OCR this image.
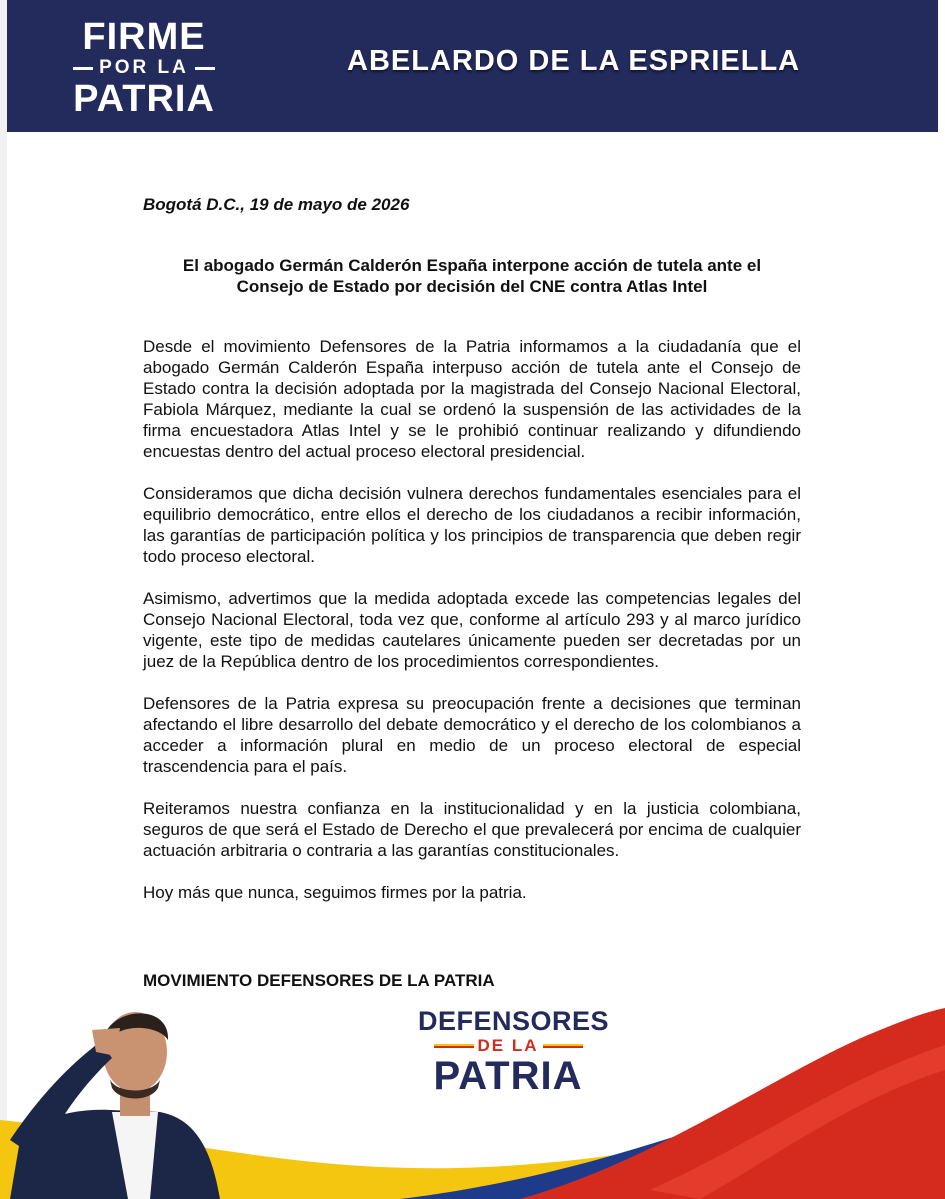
FIRME
POR LA
PATRIA
ABELARDO DE LA ESPRIELLA
Bogotá D.C., 19 de mayo de 2026
El abogado Germán Calderón España interpone acción de tutela ante el
Consejo de Estado por decisión del CNE contra Atlas Intel

Desde el movimiento Defensores de la Patria informamos a la ciudadanía que el abogado Germán Calderón España interpuso acción de tutela ante el Consejo de Estado contra la decisión adoptada por la magistrada del Consejo Nacional Electoral, Fabiola Márquez, mediante la cual se ordenó la suspensión de las actividades de la firma encuestadora Atlas Intel y se le prohibió continuar realizando y difundiendo encuestas dentro del actual proceso electoral presidencial.

Consideramos que dicha decisión vulnera derechos fundamentales esenciales para el equilibrio democrático, entre ellos el derecho de los ciudadanos a recibir información, las garantías de participación política y los principios de transparencia que deben regir todo proceso electoral.

Asimismo, advertimos que la medida adoptada excede las competencias legales del Consejo Nacional Electoral, toda vez que, conforme al artículo 293 y al marco jurídico vigente, este tipo de medidas cautelares únicamente pueden ser decretadas por un juez de la República dentro de los procedimientos correspondientes.

Defensores de la Patria expresa su preocupación frente a decisiones que terminan afectando el libre desarrollo del debate democrático y el derecho de los colombianos a acceder a información plural en medio de un proceso electoral de especial trascendencia para el país.

Reiteramos nuestra confianza en la institucionalidad y en la justicia colombiana, seguros de que será el Estado de Derecho el que prevalecerá por encima de cualquier actuación arbitraria o contraria a las garantías constitucionales.

Hoy más que nunca, seguimos firmes por la patria.

MOVIMIENTO DEFENSORES DE LA PATRIA
DEFENSORES
DE LA
PATRIA
